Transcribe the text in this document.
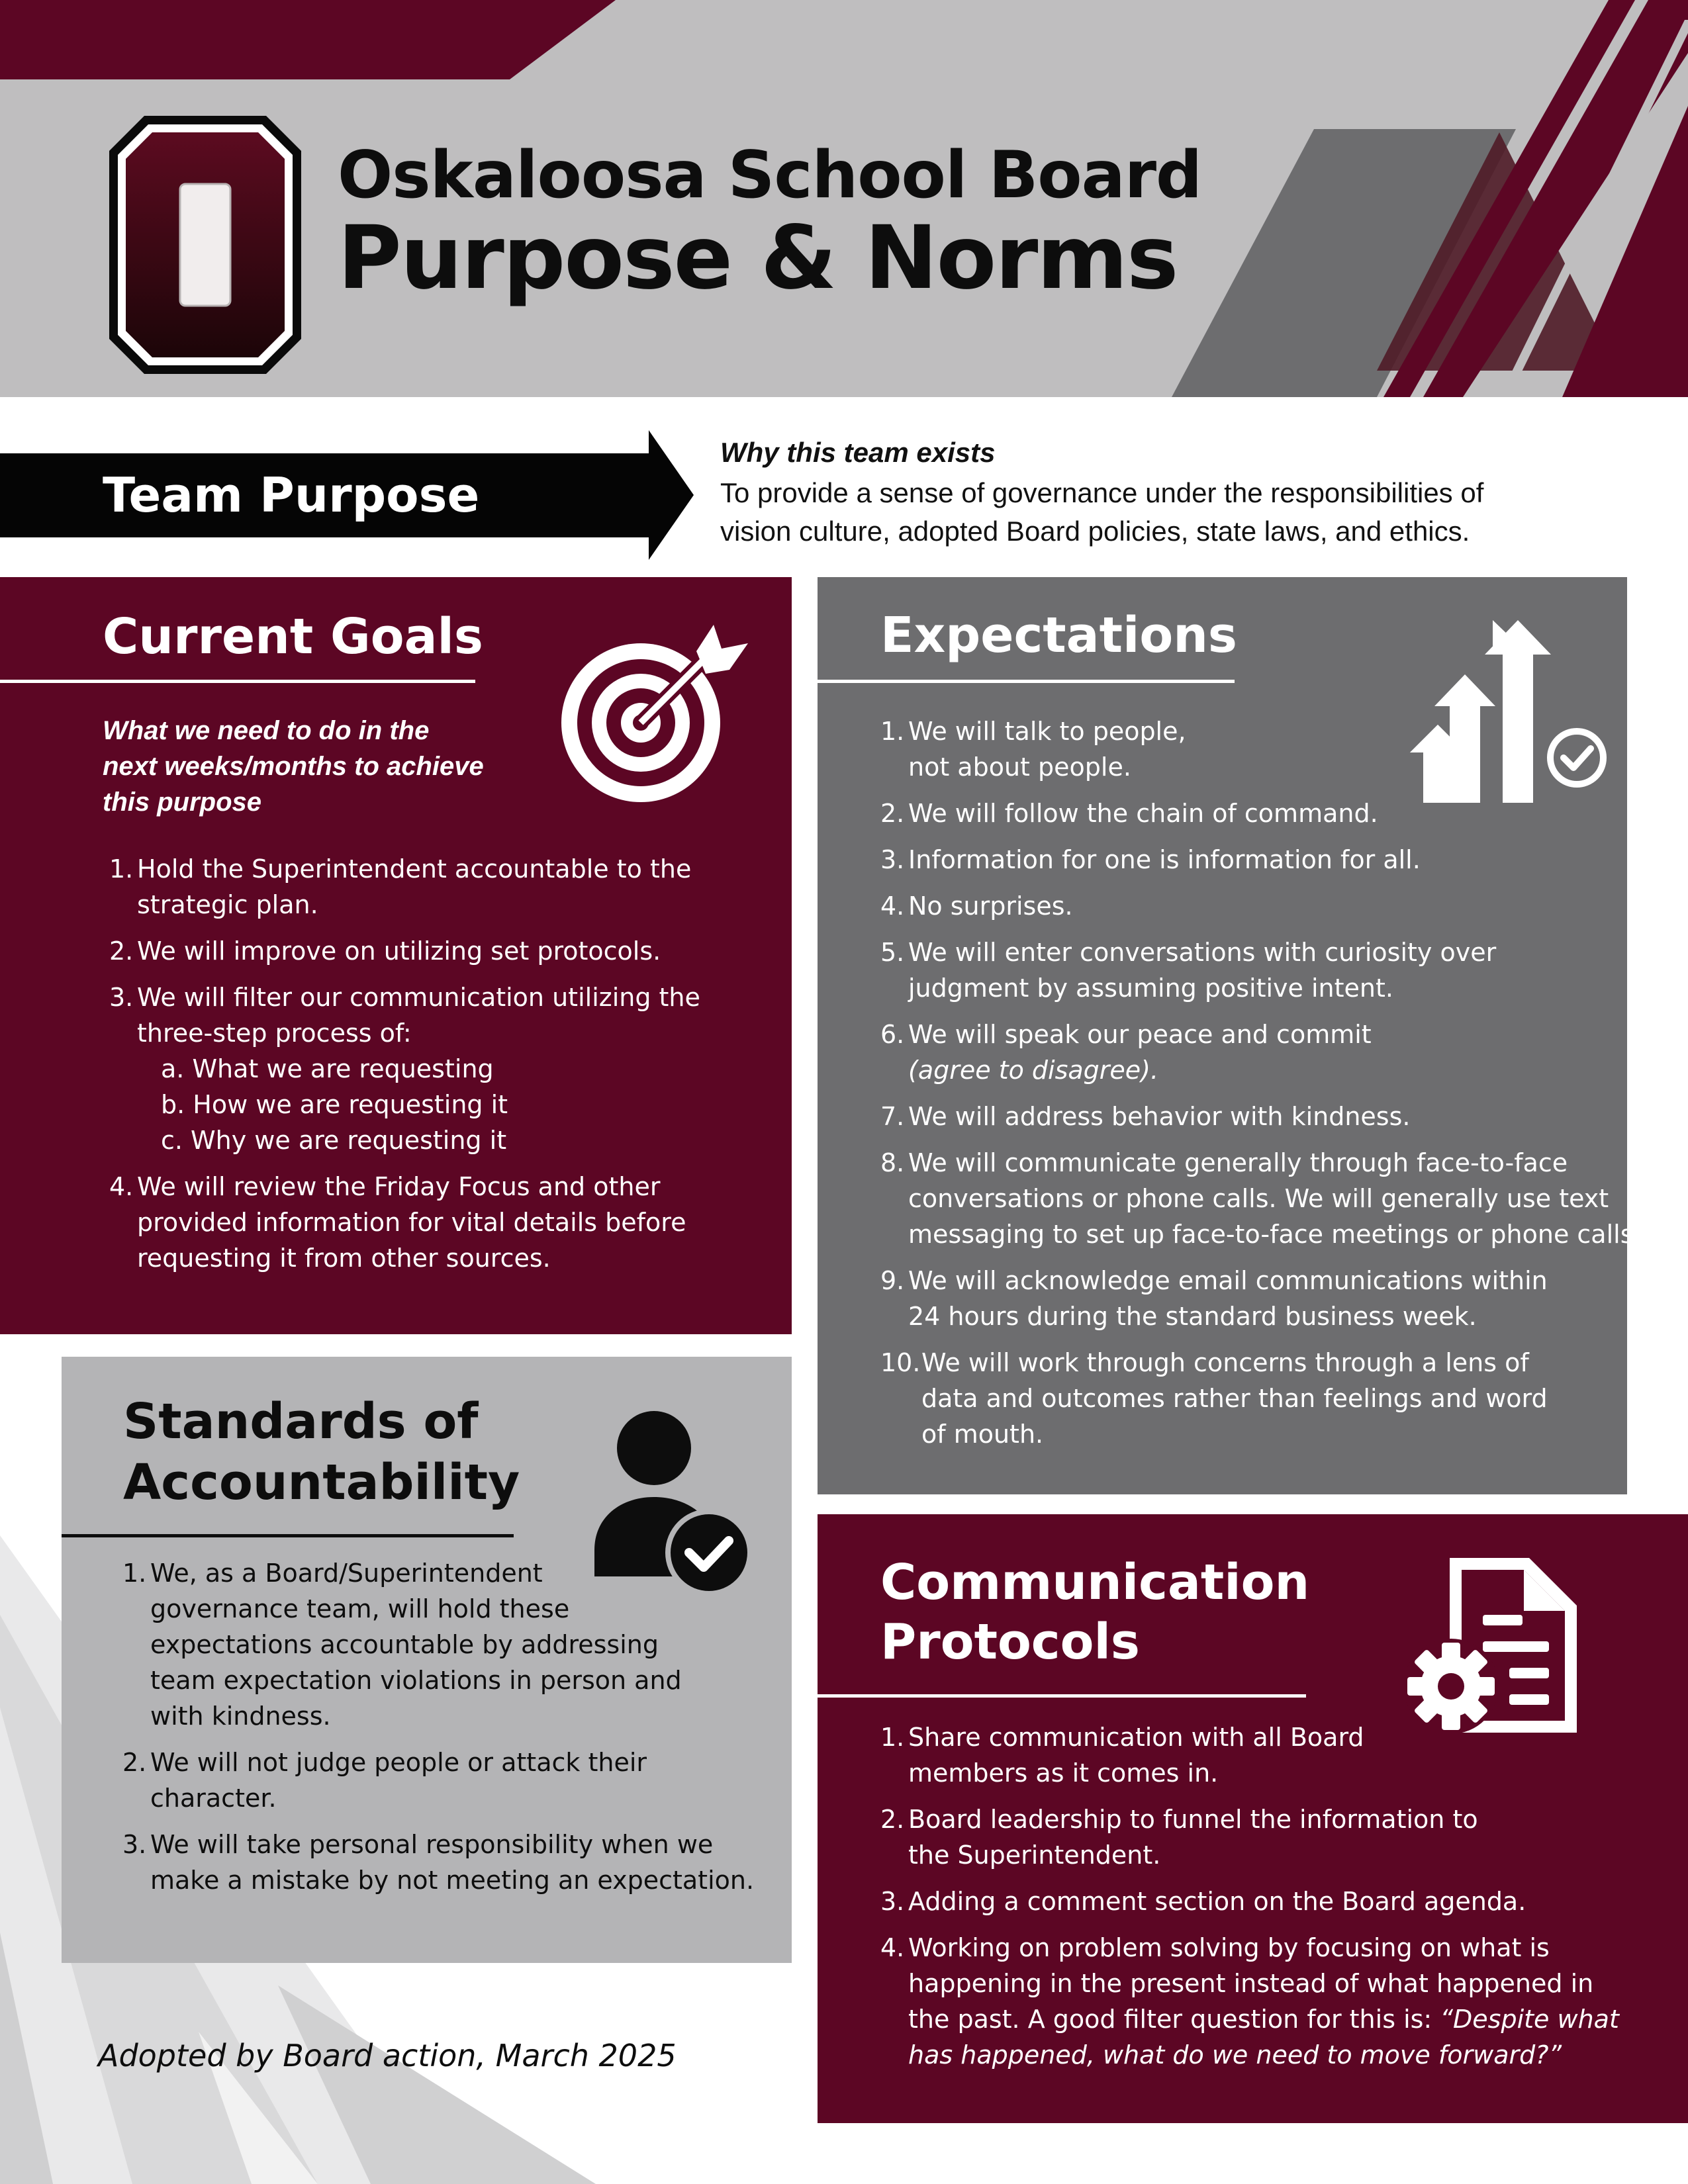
Oskaloosa School Board
Purpose & Norms
Team Purpose
Why this team exists
To provide a sense of governance under the responsibilities of
vision culture, adopted Board policies, state laws, and ethics.
Current Goals
What we need to do in the
next weeks/months to achieve
this purpose
1. Hold the Superintendent accountable to the
strategic plan.
2. We will improve on utilizing set protocols.
3. We will filter our communication utilizing the
three-step process of:
a. What we are requesting
b. How we are requesting it
c. Why we are requesting it
4. We will review the Friday Focus and other
provided information for vital details before
requesting it from other sources.
Expectations
1. We will talk to people,
not about people.
2. We will follow the chain of command.
3. Information for one is information for all.
4. No surprises.
5. We will enter conversations with curiosity over
judgment by assuming positive intent.
6. We will speak our peace and commit
(agree to disagree).
7. We will address behavior with kindness.
8. We will communicate generally through face-to-face
conversations or phone calls. We will generally use text
messaging to set up face-to-face meetings or phone calls.
9. We will acknowledge email communications within
24 hours during the standard business week.
10. We will work through concerns through a lens of
data and outcomes rather than feelings and word
of mouth.
Standards of
Accountability
1. We, as a Board/Superintendent
governance team, will hold these
expectations accountable by addressing
team expectation violations in person and
with kindness.
2. We will not judge people or attack their
character.
3. We will take personal responsibility when we
make a mistake by not meeting an expectation.
Communication
Protocols
1. Share communication with all Board
members as it comes in.
2. Board leadership to funnel the information to
the Superintendent.
3. Adding a comment section on the Board agenda.
4. Working on problem solving by focusing on what is
happening in the present instead of what happened in
the past. A good filter question for this is: “Despite what
has happened, what do we need to move forward?”
Adopted by Board action, March 2025
